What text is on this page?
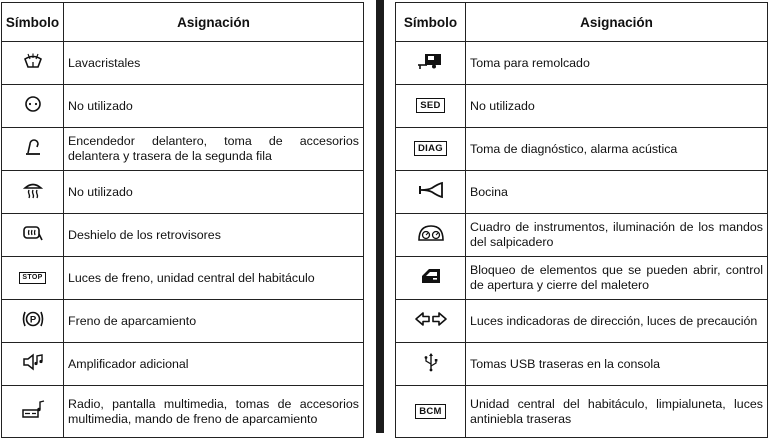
Símbolo	Asignación
	Lavacristales
	No utilizado
	Encendedor delantero, toma de accesorios delantera y trasera de la segunda fila
	No utilizado
	Deshielo de los retrovisores
STOP	Luces de freno, unidad central del habitáculo

P	Freno de aparcamiento
	Amplificador adicional
	Radio, pantalla multimedia, tomas de accesorios multimedia, mando de freno de aparcamiento
Símbolo	Asignación
	Toma para remolcado
SED	No utilizado
DIAG	Toma de diagnóstico, alarma acústica
	Bocina
	Cuadro de instrumentos, iluminación de los mandos del salpicadero
	Bloqueo de elementos que se pueden abrir, control de apertura y cierre del maletero
	Luces indicadoras de dirección, luces de precaución
	Tomas USB traseras en la consola
BCM	Unidad central del habitáculo, limpialuneta, luces antiniebla traseras
